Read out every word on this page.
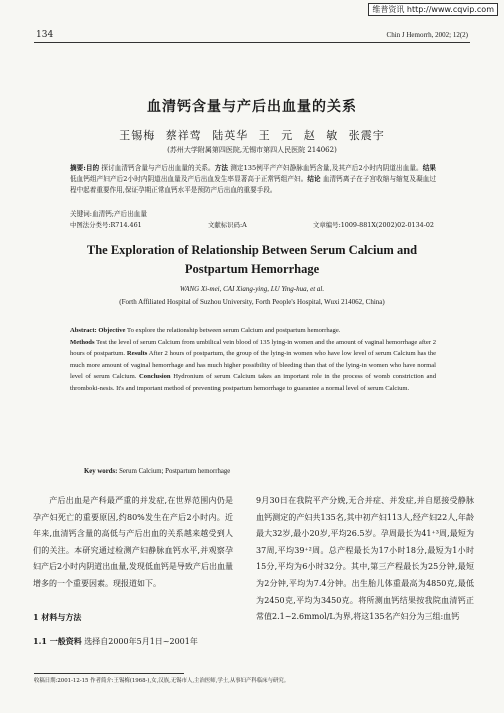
维普资讯 http://www.cqvip.com
134	Chin J Hemorrh, 2002; 12(2)
血清钙含量与产后出血量的关系
王锡梅 蔡祥莺 陆英华 王 元 赵 敏 张震宇
(苏州大学附属第四医院,无锡市第四人民医院 214062)
摘要:目的 探讨血清钙含量与产后出血量的关系。方法 测定135例平产产妇静脉血钙含量,及其产后2小时内阴道出血量。结果 低血钙组产妇产后2小时内阴道出血量及产后出血发生率显著高于正常钙组产妇。结论 血清钙离子在子宫收缩与缩复及凝血过程中起着重要作用,保证孕期正常血钙水平是预防产后出血的重要手段。
关键词:血清钙;产后出血量
中图法分类号:R714.461	文献标识码:A	文章编号:1009-881X(2002)02-0134-02
The Exploration of Relationship Between Serum Calcium and
Postpartum Hemorrhage
WANG Xi-mei, CAI Xiang-ying, LU Ying-hua, et al.
(Forth Affiliated Hospital of Suzhou University, Forth People's Hospital, Wuxi 214062, China)
Abstract: Objective To explore the relationship between serum Calcium and postpartum hemorrhage.
Methods Test the level of serum Calcium from umbilical vein blood of 135 lying-in women and the amount of vaginal hemorrhage after 2 hours of postpartum. Results After 2 hours of postpartum, the group of the lying-in women who have low level of serum Calcium has the much more amount of vaginal hemorrhage and has much higher possibility of bleeding than that of the lying-in women who have normal level of serum Calcium. Conclusion Hydronium of serum Calcium takes an important role in the process of womb constriction and thromboki-nesis. It's and important method of preventing postpartum hemorrhage to guarantee a normal level of serum Calcium.
Key words: Serum Calcium; Postpartum hemorrhage
  产后出血是产科最严重的并发症,在世界范围内仍是孕产妇死亡的重要原因,约80%发生在产后2小时内。近年来,血清钙含量的高低与产后出血的关系越来越受到人们的关注。本研究通过检测产妇静脉血钙水平,并观察孕妇产后2小时内阴道出血量,发现低血钙是导致产后出血量增多的一个重要因素。现报道如下。
1 材料与方法
1.1 一般资料 选择自2000年5月1日~2001年
9月30日在我院平产分娩,无合并症、并发症,并自愿接受静脉血钙测定的产妇共135名,其中初产妇113人,经产妇22人,年龄最大32岁,最小20岁,平均26.5岁。孕周最长为41⁺³周,最短为37周,平均39⁺²周。总产程最长为17小时18分,最短为1小时15分,平均为6小时32分。其中,第三产程最长为25分钟,最短为2分钟,平均为7.4分钟。出生胎儿体重最高为4850克,最低为2450克,平均为3450克。将所测血钙结果按我院血清钙正常值2.1~2.6mmol/L为界,将这135名产妇分为三组:血钙
收稿日期:2001-12-15 作者简介:王锡梅(1968-),女,汉族,无锡市人,主治医师,学士,从事妇产科临床与研究。
